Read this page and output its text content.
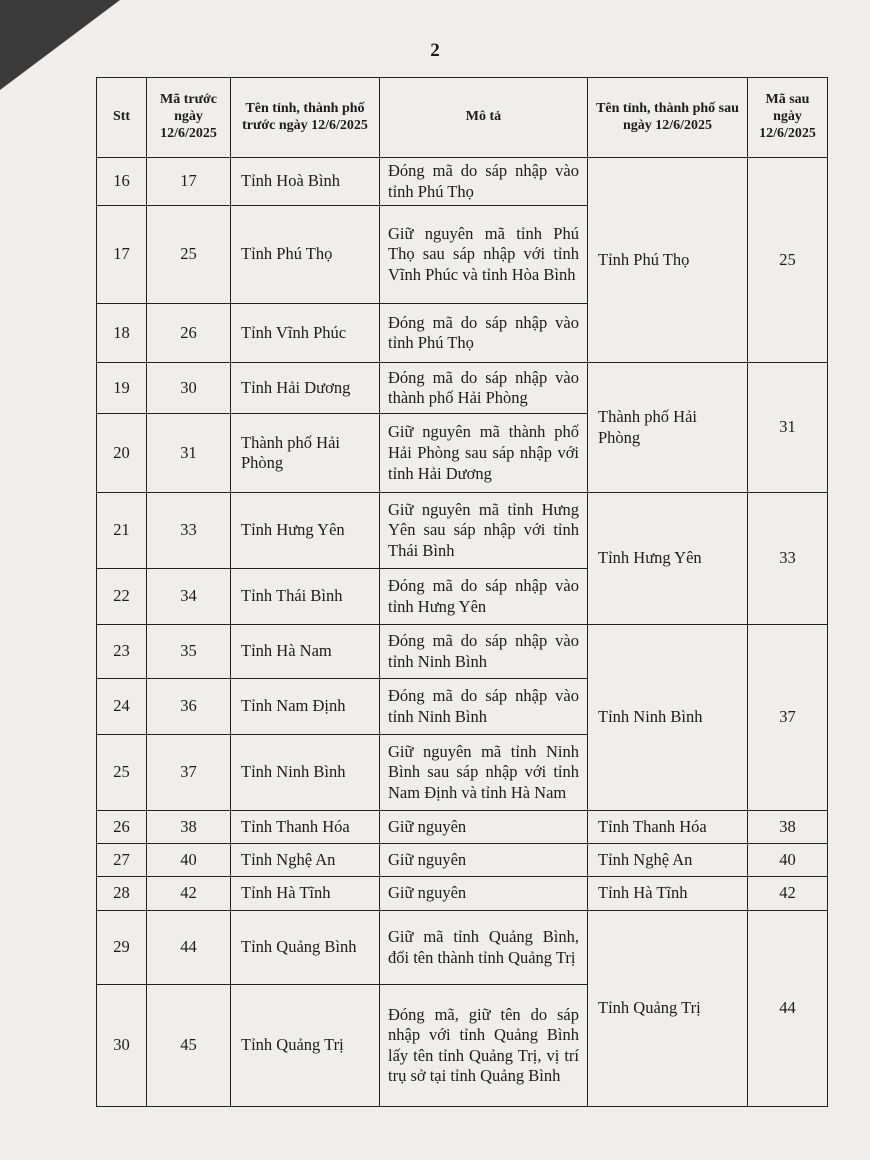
2
Stt	Mã trước ngày 12/6/2025	Tên tỉnh, thành phố trước ngày 12/6/2025	Mô tả	Tên tỉnh, thành phố sau ngày 12/6/2025	Mã sau ngày 12/6/2025
16	17	Tỉnh Hoà Bình	Đóng mã do sáp nhập vào tỉnh Phú Thọ	Tỉnh Phú Thọ	25
17	25	Tỉnh Phú Thọ	Giữ nguyên mã tỉnh Phú Thọ sau sáp nhập với tỉnh Vĩnh Phúc và tỉnh Hòa Bình		
18	26	Tỉnh Vĩnh Phúc	Đóng mã do sáp nhập vào tỉnh Phú Thọ		
19	30	Tỉnh Hải Dương	Đóng mã do sáp nhập vào thành phố Hải Phòng	Thành phố Hải Phòng	31
20	31	Thành phố Hải Phòng	Giữ nguyên mã thành phố Hải Phòng sau sáp nhập với tỉnh Hải Dương		
21	33	Tỉnh Hưng Yên	Giữ nguyên mã tỉnh Hưng Yên sau sáp nhập với tỉnh Thái Bình	Tỉnh Hưng Yên	33
22	34	Tỉnh Thái Bình	Đóng mã do sáp nhập vào tỉnh Hưng Yên		
23	35	Tỉnh Hà Nam	Đóng mã do sáp nhập vào tỉnh Ninh Bình	Tỉnh Ninh Bình	37
24	36	Tỉnh Nam Định	Đóng mã do sáp nhập vào tỉnh Ninh Bình		
25	37	Tỉnh Ninh Bình	Giữ nguyên mã tỉnh Ninh Bình sau sáp nhập với tỉnh Nam Định và tỉnh Hà Nam		
26	38	Tỉnh Thanh Hóa	Giữ nguyên	Tỉnh Thanh Hóa	38
27	40	Tỉnh Nghệ An	Giữ nguyên	Tỉnh Nghệ An	40
28	42	Tỉnh Hà Tĩnh	Giữ nguyên	Tỉnh Hà Tĩnh	42
29	44	Tỉnh Quảng Bình	Giữ mã tỉnh Quảng Bình, đổi tên thành tỉnh Quảng Trị	Tỉnh Quảng Trị	44
30	45	Tỉnh Quảng Trị	Đóng mã, giữ tên do sáp nhập với tỉnh Quảng Bình lấy tên tỉnh Quảng Trị, vị trí trụ sở tại tỉnh Quảng Bình		
